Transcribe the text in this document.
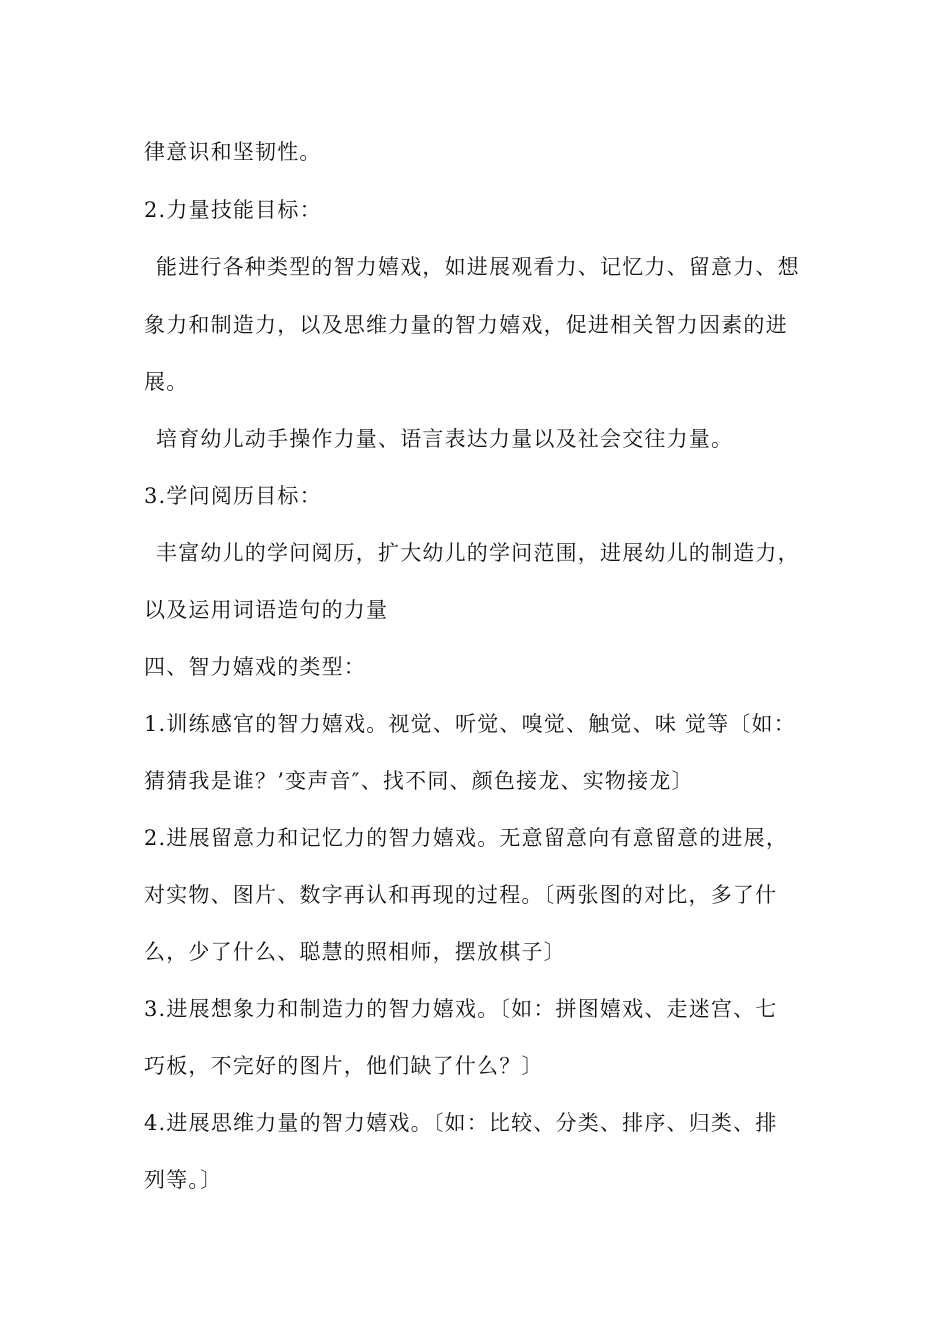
律意识和坚韧性。
2.力量技能目标：
能进行各种类型的智力嬉戏，如进展观看力、记忆力、留意力、想
象力和制造力，以及思维力量的智力嬉戏，促进相关智力因素的进
展。
培育幼儿动手操作力量、语言表达力量以及社会交往力量。
3.学问阅历目标：
丰富幼儿的学问阅历，扩大幼儿的学问范围，进展幼儿的制造力，
以及运用词语造句的力量
四、智力嬉戏的类型：
1.训练感官的智力嬉戏。视觉、听觉、嗅觉、触觉、味 觉等〔如：
猜猜我是谁？’变声音″、找不同、颜色接龙、实物接龙〕
2.进展留意力和记忆力的智力嬉戏。无意留意向有意留意的进展，
对实物、图片、数字再认和再现的过程。〔两张图的对比，多了什
么，少了什么、聪慧的照相师，摆放棋子〕
3.进展想象力和制造力的智力嬉戏。〔如：拼图嬉戏、走迷宫、七
巧板，不完好的图片，他们缺了什么？〕
4.进展思维力量的智力嬉戏。〔如：比较、分类、排序、归类、排
列等。〕
